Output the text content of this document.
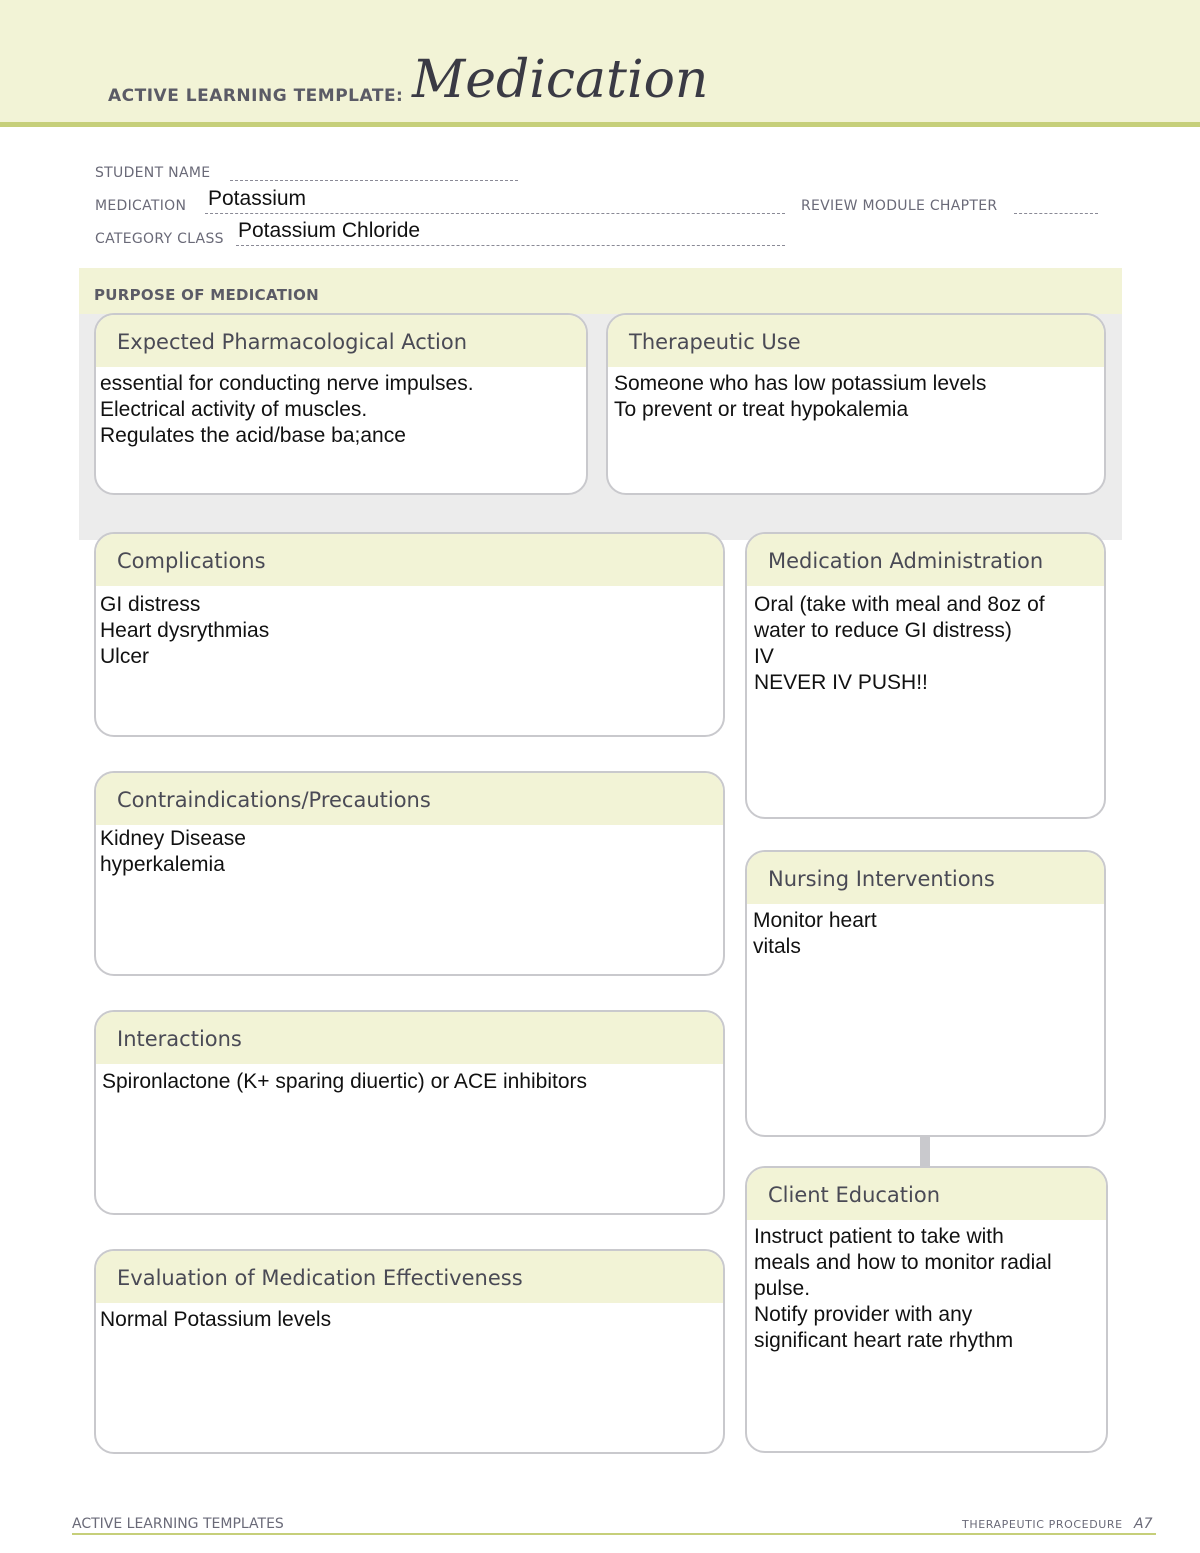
ACTIVE LEARNING TEMPLATE: Medication
STUDENT NAME
MEDICATION Potassium	REVIEW MODULE CHAPTER
CATEGORY CLASS Potassium Chloride
PURPOSE OF MEDICATION
Expected Pharmacological Action
essential for conducting nerve impulses.
Electrical activity of muscles.
Regulates the acid/base ba;ance
Therapeutic Use
Someone who has low potassium levels
To prevent or treat hypokalemia
Complications
GI distress
Heart dysrythmias
Ulcer
Contraindications/Precautions
Kidney Disease
hyperkalemia
Interactions
Spironlactone (K+ sparing diuertic) or ACE inhibitors
Evaluation of Medication Effectiveness
Normal Potassium levels
Medication Administration
Oral (take with meal and 8oz of
water to reduce GI distress)
IV
NEVER IV PUSH!!
Nursing Interventions
Monitor heart
vitals
Client Education
Instruct patient to take with
meals and how to monitor radial
pulse.
Notify provider with any
significant heart rate rhythm
ACTIVE LEARNING TEMPLATES	THERAPEUTIC PROCEDURE A7
